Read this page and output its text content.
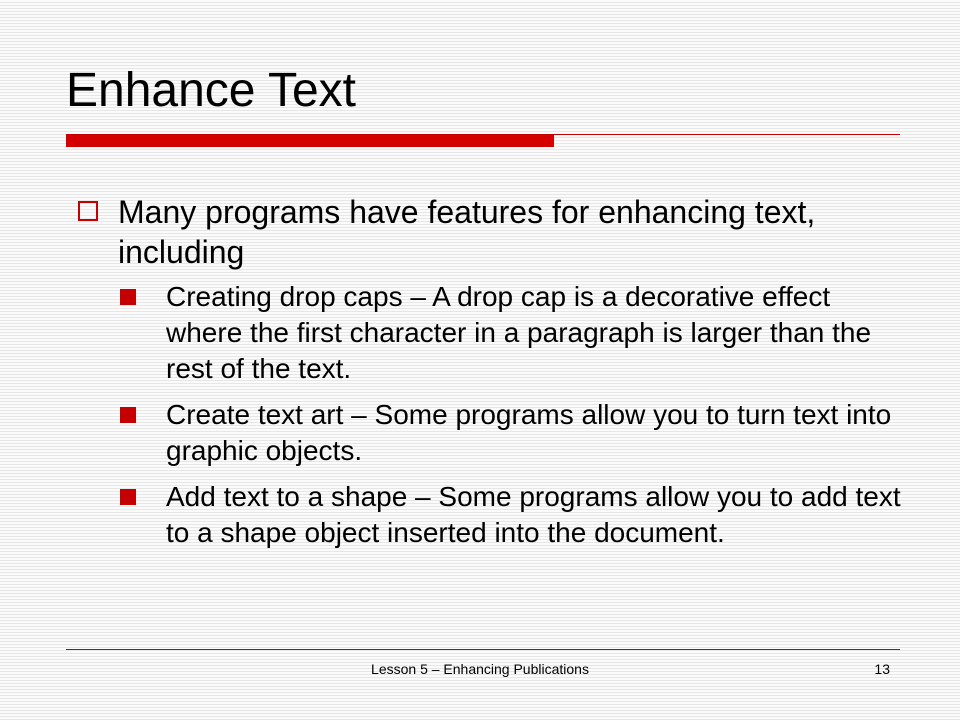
Enhance Text
Many programs have features for enhancing text, including
Creating drop caps – A drop cap is a decorative effect where the first character in a paragraph is larger than the rest of the text.
Create text art – Some programs allow you to turn text into graphic objects.
Add text to a shape – Some programs allow you to add text to a shape object inserted into the document.
Lesson 5 – Enhancing Publications	13
